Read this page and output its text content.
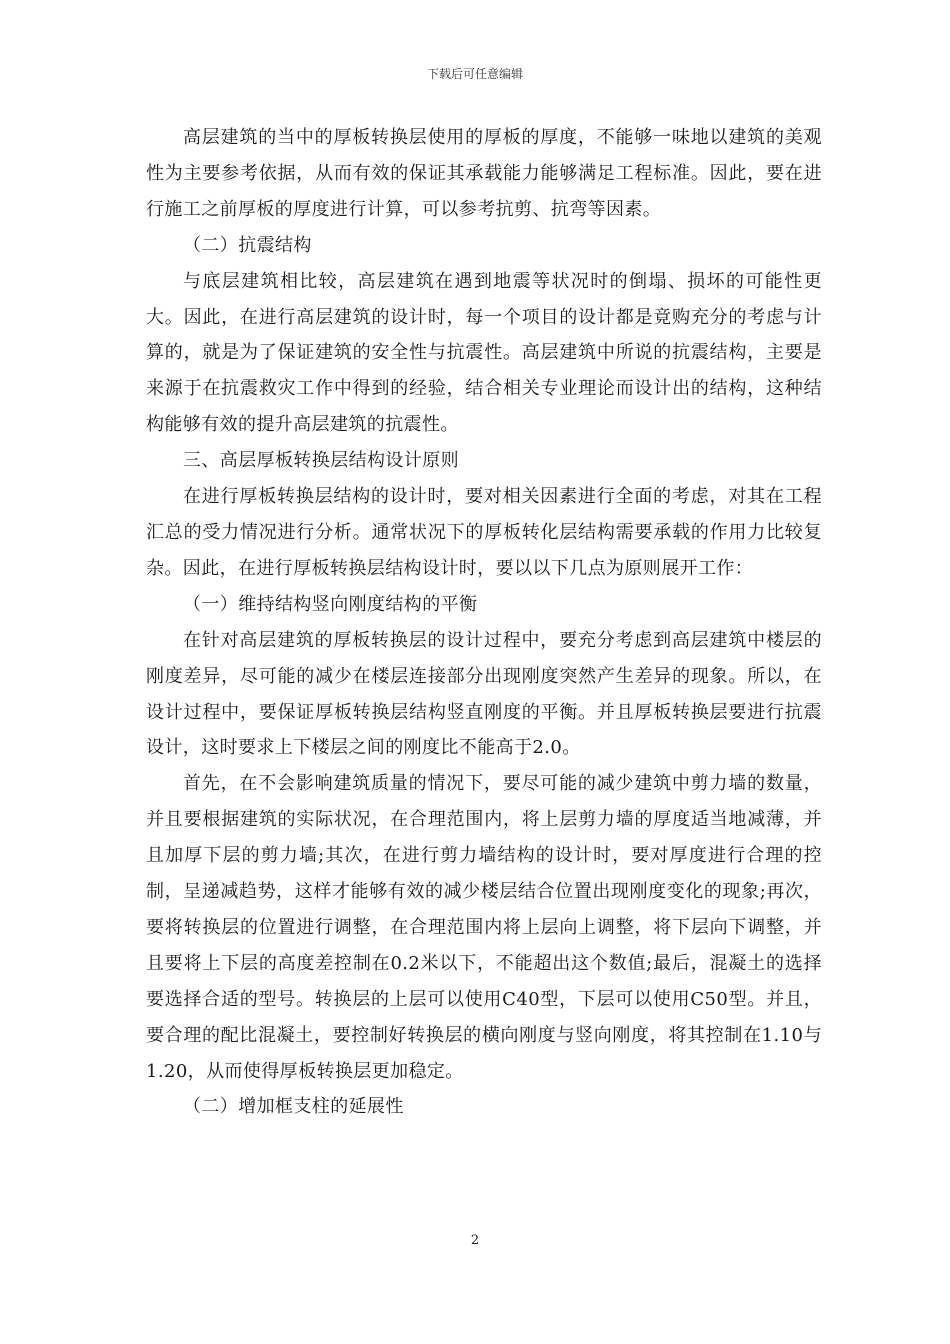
下载后可任意编辑

高层建筑的当中的厚板转换层使用的厚板的厚度，不能够一味地以建筑的美观性为主要参考依据，从而有效的保证其承载能力能够满足工程标准。因此，要在进行施工之前厚板的厚度进行计算，可以参考抗剪、抗弯等因素。

（二）抗震结构

与底层建筑相比较，高层建筑在遇到地震等状况时的倒塌、损坏的可能性更大。因此，在进行高层建筑的设计时，每一个项目的设计都是竟购充分的考虑与计算的，就是为了保证建筑的安全性与抗震性。高层建筑中所说的抗震结构，主要是来源于在抗震救灾工作中得到的经验，结合相关专业理论而设计出的结构，这种结构能够有效的提升高层建筑的抗震性。

三、高层厚板转换层结构设计原则

在进行厚板转换层结构的设计时，要对相关因素进行全面的考虑，对其在工程汇总的受力情况进行分析。通常状况下的厚板转化层结构需要承载的作用力比较复杂。因此，在进行厚板转换层结构设计时，要以以下几点为原则展开工作：

（一）维持结构竖向刚度结构的平衡

在针对高层建筑的厚板转换层的设计过程中，要充分考虑到高层建筑中楼层的刚度差异，尽可能的减少在楼层连接部分出现刚度突然产生差异的现象。所以，在设计过程中，要保证厚板转换层结构竖直刚度的平衡。并且厚板转换层要进行抗震设计，这时要求上下楼层之间的刚度比不能高于2.0。

首先，在不会影响建筑质量的情况下，要尽可能的减少建筑中剪力墙的数量，并且要根据建筑的实际状况，在合理范围内，将上层剪力墙的厚度适当地减薄，并且加厚下层的剪力墙;其次，在进行剪力墙结构的设计时，要对厚度进行合理的控制，呈递减趋势，这样才能够有效的减少楼层结合位置出现刚度变化的现象;再次，要将转换层的位置进行调整，在合理范围内将上层向上调整，将下层向下调整，并且要将上下层的高度差控制在0.2米以下，不能超出这个数值;最后，混凝土的选择要选择合适的型号。转换层的上层可以使用C40型，下层可以使用C50型。并且，要合理的配比混凝土，要控制好转换层的横向刚度与竖向刚度，将其控制在1.10与1.20，从而使得厚板转换层更加稳定。

（二）增加框支柱的延展性

2
